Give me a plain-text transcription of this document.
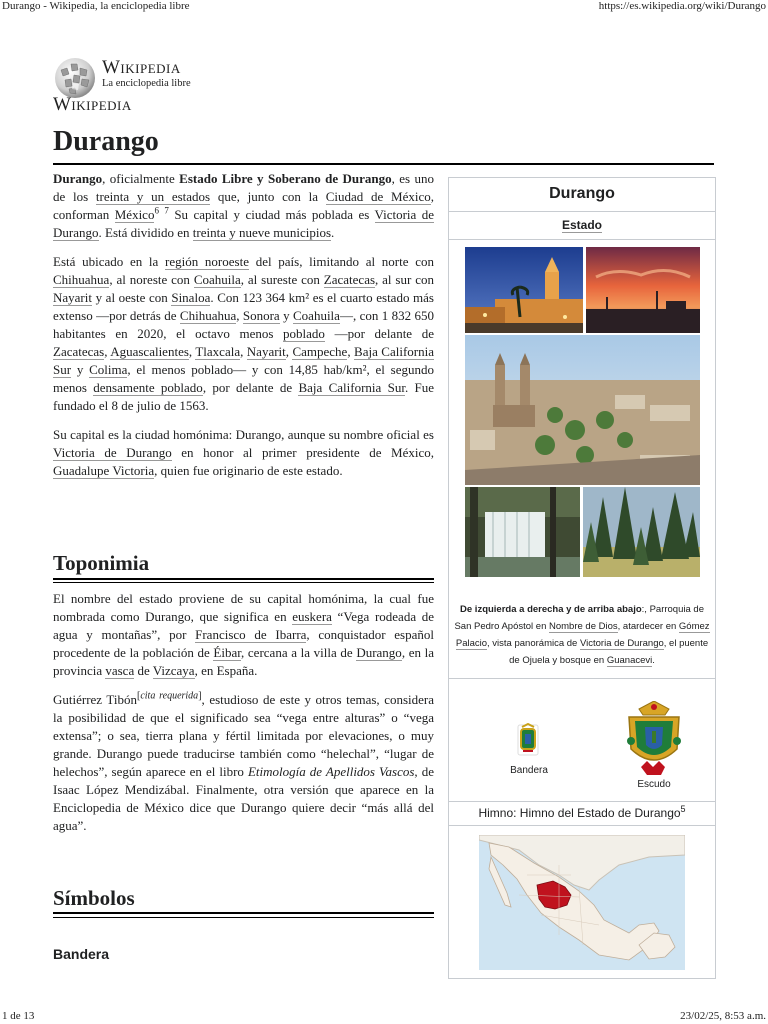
Durango - Wikipedia, la enciclopedia libre	https://es.wikipedia.org/wiki/Durango
1 de 13	23/02/25, 8:53 a.m.
Wikipedia
La enciclopedia libre
Wikipedia
Durango

Durango, oficialmente Estado Libre y Soberano de Durango, es uno de los treinta y un estados que, junto con la Ciudad de México, conforman México$^6$ $^7$ Su capital y ciudad más poblada es Victoria de Durango. Está dividido en treinta y nueve municipios.

Está ubicado en la región noroeste del país, limitando al norte con Chihuahua, al noreste con Coahuila, al sureste con Zacatecas, al sur con Nayarit y al oeste con Sinaloa. Con 123 364 km² es el cuarto estado más extenso —por detrás de Chihuahua, Sonora y Coahuila—, con 1 832 650 habitantes en 2020, el octavo menos poblado —por delante de Zacatecas, Aguascalientes, Tlaxcala, Nayarit, Campeche, Baja California Sur y Colima, el menos poblado— y con 14,85 hab/km², el segundo menos densamente poblado, por delante de Baja California Sur. Fue fundado el 8 de julio de 1563.

Su capital es la ciudad homónima: Durango, aunque su nombre oficial es Victoria de Durango en honor al primer presidente de México, Guadalupe Victoria, quien fue originario de este estado.

Toponimia

El nombre del estado proviene de su capital homónima, la cual fue nombrada como Durango, que significa en euskera “Vega rodeada de agua y montañas”, por Francisco de Ibarra, conquistador español procedente de la población de Éibar, cercana a la villa de Durango, en la provincia vasca de Vizcaya, en España.

Gutiérrez Tibón[cita requerida], estudioso de este y otros temas, considera la posibilidad de que el significado sea “vega entre alturas” o “vega extensa”; o sea, tierra plana y fértil limitada por elevaciones, o muy grande. Durango puede traducirse también como “helechal”, “lugar de helechos”, según aparece en el libro Etimología de Apellidos Vascos, de Isaac López Mendizábal. Finalmente, otra versión que aparece en la Enciclopedia de México dice que Durango quiere decir “más allá del agua”.

Símbolos
Bandera
Durango
Estado
De izquierda a derecha y de arriba abajo:, Parroquia de San Pedro Apóstol en Nombre de Dios, atardecer en Gómez Palacio, vista panorámica de Victoria de Durango, el puente de Ojuela y bosque en Guanacevi.
Bandera
Escudo
Himno: Himno del Estado de Durango$^5$
